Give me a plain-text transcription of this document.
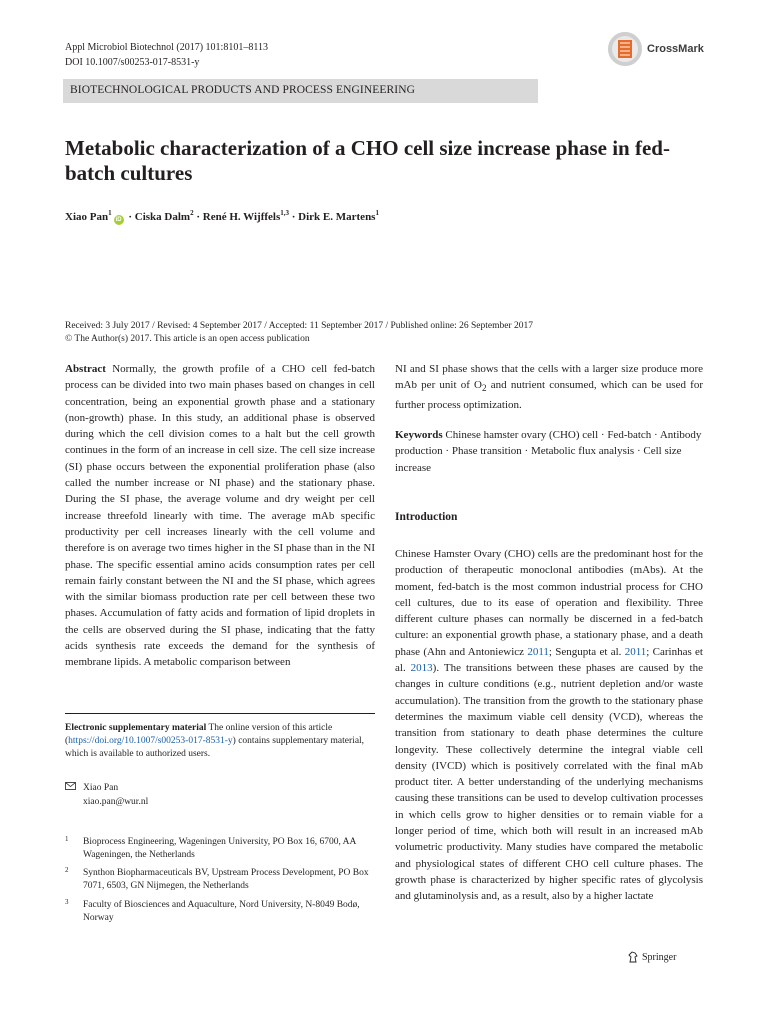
Appl Microbiol Biotechnol (2017) 101:8101–8113
DOI 10.1007/s00253-017-8531-y
CrossMark
BIOTECHNOLOGICAL PRODUCTS AND PROCESS ENGINEERING
Metabolic characterization of a CHO cell size increase phase in fed-batch cultures
Xiao Pan$^1$iD · Ciska Dalm$^2$ · René H. Wijffels$^{1,3}$ · Dirk E. Martens$^1$
Received: 3 July 2017 / Revised: 4 September 2017 / Accepted: 11 September 2017 / Published online: 26 September 2017
© The Author(s) 2017. This article is an open access publication

Abstract Normally, the growth profile of a CHO cell fed-batch process can be divided into two main phases based on changes in cell concentration, being an exponential growth phase and a stationary (non-growth) phase. In this study, an additional phase is observed during which the cell division comes to a halt but the cell growth continues in the form of an increase in cell size. The cell size increase (SI) phase occurs between the exponential proliferation phase (also called the number increase or NI phase) and the stationary phase. During the SI phase, the average volume and dry weight per cell increase threefold linearly with time. The average mAb specific productivity per cell increases linearly with the cell volume and therefore is on average two times higher in the SI phase than in the NI phase. The specific essential amino acids consumption rates per cell remain fairly constant between the NI and the SI phase, which agrees with the similar biomass production rate per cell between these two phases. Accumulation of fatty acids and formation of lipid droplets in the cells are observed during the SI phase, indicating that the fatty acids synthesis rate exceeds the demand for the synthesis of membrane lipids. A metabolic comparison between

Electronic supplementary material The online version of this article (https://doi.org/10.1007/s00253-017-8531-y) contains supplementary material, which is available to authorized users.
Xiao Pan
xiao.pan@wur.nl
1	Bioprocess Engineering, Wageningen University, PO Box 16, 6700, AA Wageningen, the Netherlands
2	Synthon Biopharmaceuticals BV, Upstream Process Development, PO Box 7071, 6503, GN Nijmegen, the Netherlands
3	Faculty of Biosciences and Aquaculture, Nord University, N-8049 Bodø, Norway

NI and SI phase shows that the cells with a larger size produce more mAb per unit of $O_2$ and nutrient consumed, which can be used for further process optimization.

Keywords Chinese hamster ovary (CHO) cell · Fed-batch · Antibody production · Phase transition · Metabolic flux analysis · Cell size increase

Introduction

Chinese Hamster Ovary (CHO) cells are the predominant host for the production of therapeutic monoclonal antibodies (mAbs). At the moment, fed-batch is the most common industrial process for CHO cell cultures, due to its ease of operation and flexibility. Three different culture phases can normally be discerned in a fed-batch culture: an exponential growth phase, a stationary phase, and a death phase (Ahn and Antoniewicz 2011; Sengupta et al. 2011; Carinhas et al. 2013). The transitions between these phases are caused by the changes in culture conditions (e.g., nutrient depletion and/or waste accumulation). The transition from the growth to the stationary phase determines the maximum viable cell density (VCD), whereas the transition from stationary to death phase determines the culture longevity. These collectively determine the integral viable cell density (IVCD) which is positively correlated with the final mAb product titer. A better understanding of the underlying mechanisms causing these transitions can be used to develop cultivation processes in which cells grow to higher densities or to remain viable for a longer period of time, which both will result in an increased mAb volumetric productivity. Many studies have compared the metabolic and physiological states of different CHO cell culture phases. The growth phase is characterized by higher specific rates of glycolysis and glutaminolysis and, as a result, also by a higher lactate

Springer
